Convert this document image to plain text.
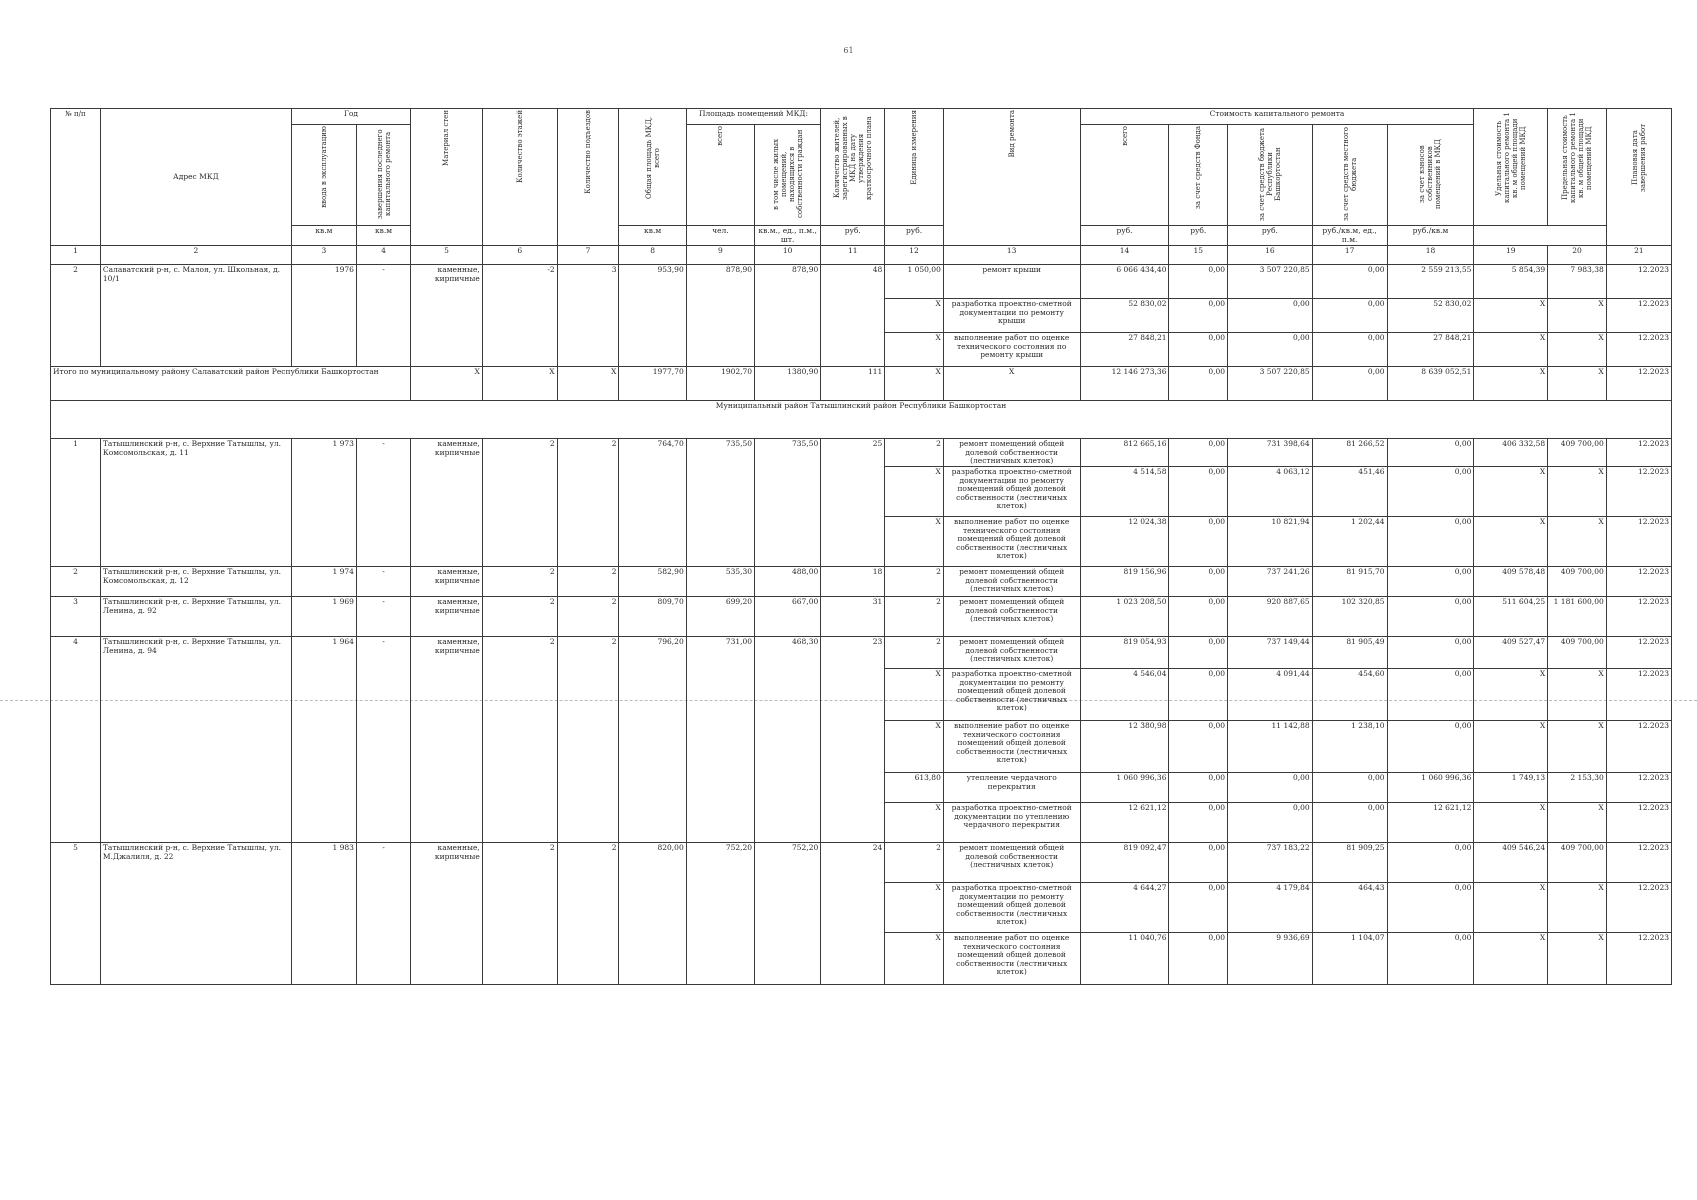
61
№ п/п	Адрес МКД	Год		Материал стен	Количество этажей	Количество подъездов	Общая площадь МКД, всего	Площадь помещений МКД:		Количество жителей, зарегистрированных в МКД на дату утверждения краткосрочного плана	Единица измерения	Вид ремонта	Стоимость капитального ремонта					Удельная стоимость капитального ремонта 1 кв. м общей площади помещений МКД	Предельная стоимость капитального ремонта 1 кв. м общей площади помещений МКД	Плановая дата завершения работ
		ввода в эксплуатацию	завершения последнего капитального ремонта					всего	в том числе жилых помещений, находящихся в собственности граждан				всего	за счет средств Фонда	за счет средств бюджета Республики Башкортостан	за счет средств местного бюджета	за счет взносов собственников помещений в МКД			
		кв.м	кв.м				кв.м	чел.	кв.м., ед., п.м., шт.	руб.	руб.		руб.	руб.	руб.	руб./кв.м, ед., п.м.	руб./кв.м			
1	2	3	4	5	6	7	8	9	10	11	12	13	14	15	16	17	18	19	20	21
2	Салаватский р-н, с. Малоя, ул. Школьная, д. 10/1	1976	-	каменные, кирпичные	-2	3	953,90	878,90	878,90	48	1 050,00	ремонт крыши	6 066 434,40	0,00	3 507 220,85	0,00	2 559 213,55	5 854,39	7 983,38	12.2023
											X	разработка проектно-сметной документации по ремонту крыши	52 830,02	0,00	0,00	0,00	52 830,02	X	X	12.2023
											X	выполнение работ по оценке технического состояния по ремонту крыши	27 848,21	0,00	0,00	0,00	27 848,21	X	X	12.2023
Итого по муниципальному району Салаватский район Республики Башкортостан				X	X	X	1977,70	1902,70	1380,90	111	X	X	12 146 273,36	0,00	3 507 220,85	0,00	8 639 052,51	X	X	12.2023
Муниципальный район Татышлинский район Республики Башкортостан																				
1	Татышлинский р-н, с. Верхние Татышлы, ул. Комсомольская, д. 11	1 973	-	каменные, кирпичные	2	2	764,70	735,50	735,50	25	2	ремонт помещений общей долевой собственности (лестничных клеток)	812 665,16	0,00	731 398,64	81 266,52	0,00	406 332,58	409 700,00	12.2023
											X	разработка проектно-сметной документации по ремонту помещений общей долевой собственности (лестничных клеток)	4 514,58	0,00	4 063,12	451,46	0,00	X	X	12.2023
											X	выполнение работ по оценке технического состояния помещений общей долевой собственности (лестничных клеток)	12 024,38	0,00	10 821,94	1 202,44	0,00	X	X	12.2023
2	Татышлинский р-н, с. Верхние Татышлы, ул. Комсомольская, д. 12	1 974	-	каменные, кирпичные	2	2	582,90	535,30	488,00	18	2	ремонт помещений общей долевой собственности (лестничных клеток)	819 156,96	0,00	737 241,26	81 915,70	0,00	409 578,48	409 700,00	12.2023
3	Татышлинский р-н, с. Верхние Татышлы, ул. Ленина, д. 92	1 969	-	каменные, кирпичные	2	2	809,70	699,20	667,00	31	2	ремонт помещений общей долевой собственности (лестничных клеток)	1 023 208,50	0,00	920 887,65	102 320,85	0,00	511 604,25	1 181 600,00	12.2023
4	Татышлинский р-н, с. Верхние Татышлы, ул. Ленина, д. 94	1 964	-	каменные, кирпичные	2	2	796,20	731,00	468,30	23	2	ремонт помещений общей долевой собственности (лестничных клеток)	819 054,93	0,00	737 149,44	81 905,49	0,00	409 527,47	409 700,00	12.2023
											X	разработка проектно-сметной документации по ремонту помещений общей долевой собственности (лестничных клеток)	4 546,04	0,00	4 091,44	454,60	0,00	X	X	12.2023
											X	выполнение работ по оценке технического состояния помещений общей долевой собственности (лестничных клеток)	12 380,98	0,00	11 142,88	1 238,10	0,00	X	X	12.2023
											613,80	утепление чердачного перекрытия	1 060 996,36	0,00	0,00	0,00	1 060 996,36	1 749,13	2 153,30	12.2023
											X	разработка проектно-сметной документации по утеплению чердачного перекрытия	12 621,12	0,00	0,00	0,00	12 621,12	X	X	12.2023
5	Татышлинский р-н, с. Верхние Татышлы, ул. М.Джалиля, д. 22	1 983	-	каменные, кирпичные	2	2	820,00	752,20	752,20	24	2	ремонт помещений общей долевой собственности (лестничных клеток)	819 092,47	0,00	737 183,22	81 909,25	0,00	409 546,24	409 700,00	12.2023
											X	разработка проектно-сметной документации по ремонту помещений общей долевой собственности (лестничных клеток)	4 644,27	0,00	4 179,84	464,43	0,00	X	X	12.2023
											X	выполнение работ по оценке технического состояния помещений общей долевой собственности (лестничных клеток)	11 040,76	0,00	9 936,69	1 104,07	0,00	X	X	12.2023
